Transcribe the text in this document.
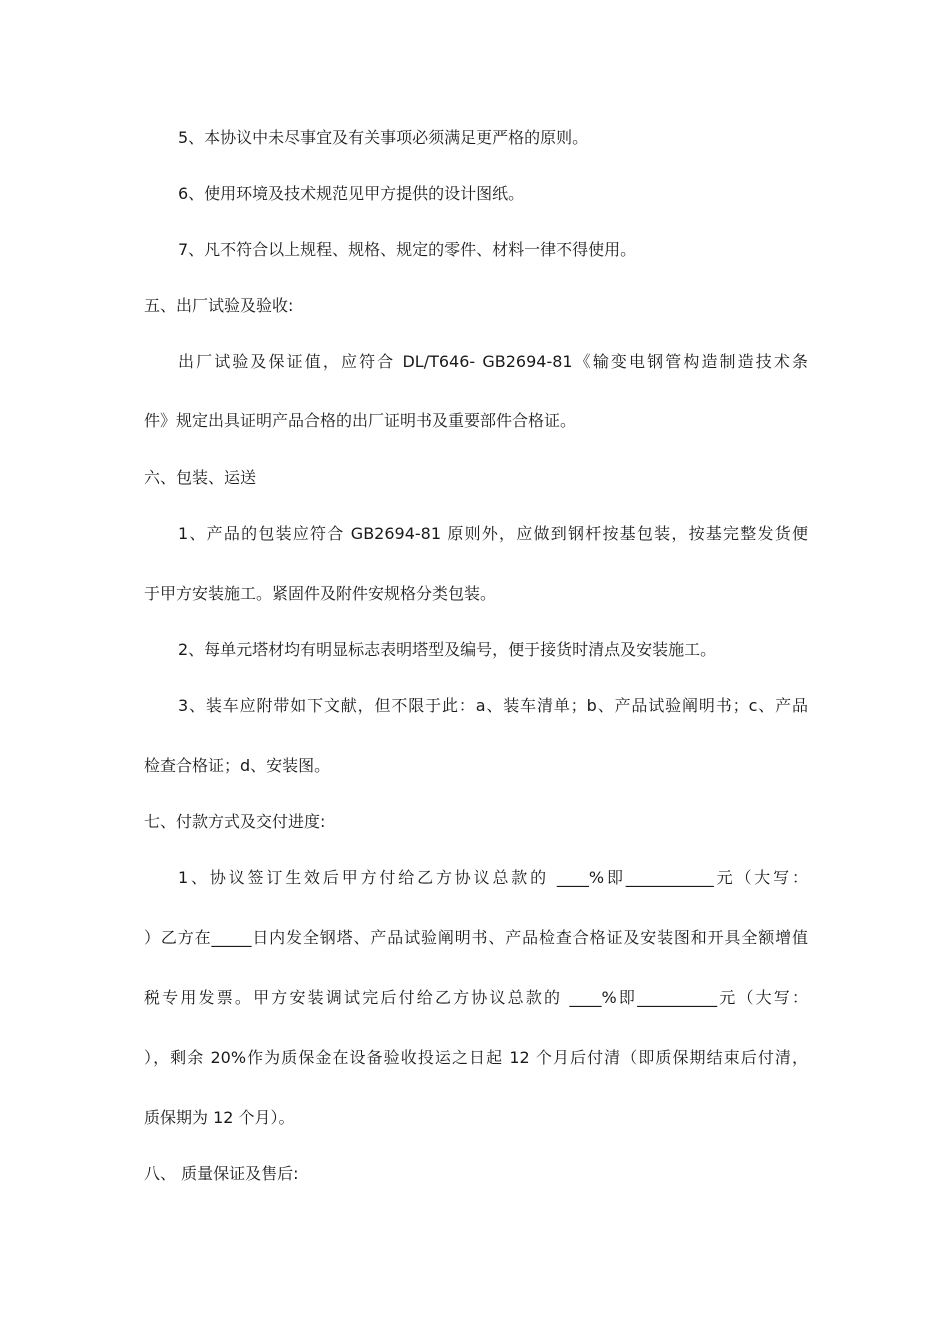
5、本协议中未尽事宜及有关事项必须满足更严格的原则。
6、使用环境及技术规范见甲方提供的设计图纸。
7、凡不符合以上规程、规格、规定的零件、材料一律不得使用。
五、出厂试验及验收:
出厂试验及保证值，应符合 DL/T646- GB2694-81《输变电钢管构造制造技术条
件》规定出具证明产品合格的出厂证明书及重要部件合格证。
六、包装、运送
1、产品的包装应符合 GB2694-81 原则外，应做到钢杆按基包装，按基完整发货便
于甲方安装施工。紧固件及附件安规格分类包装。
2、每单元塔材均有明显标志表明塔型及编号，便于接货时清点及安装施工。
3、装车应附带如下文献，但不限于此：a、装车清单；b、产品试验阐明书；c、产品
检查合格证；d、安装图。
七、付款方式及交付进度:
1、协议签订生效后甲方付给乙方协议总款的 ____%即___________元（大写：
）乙方在_____日内发全钢塔、产品试验阐明书、产品检查合格证及安装图和开具全额增值
税专用发票。甲方安装调试完后付给乙方协议总款的 ____%即__________元（大写：
），剩余 20%作为质保金在设备验收投运之日起 12 个月后付清（即质保期结束后付清，
质保期为 12 个月）。
八、 质量保证及售后:
